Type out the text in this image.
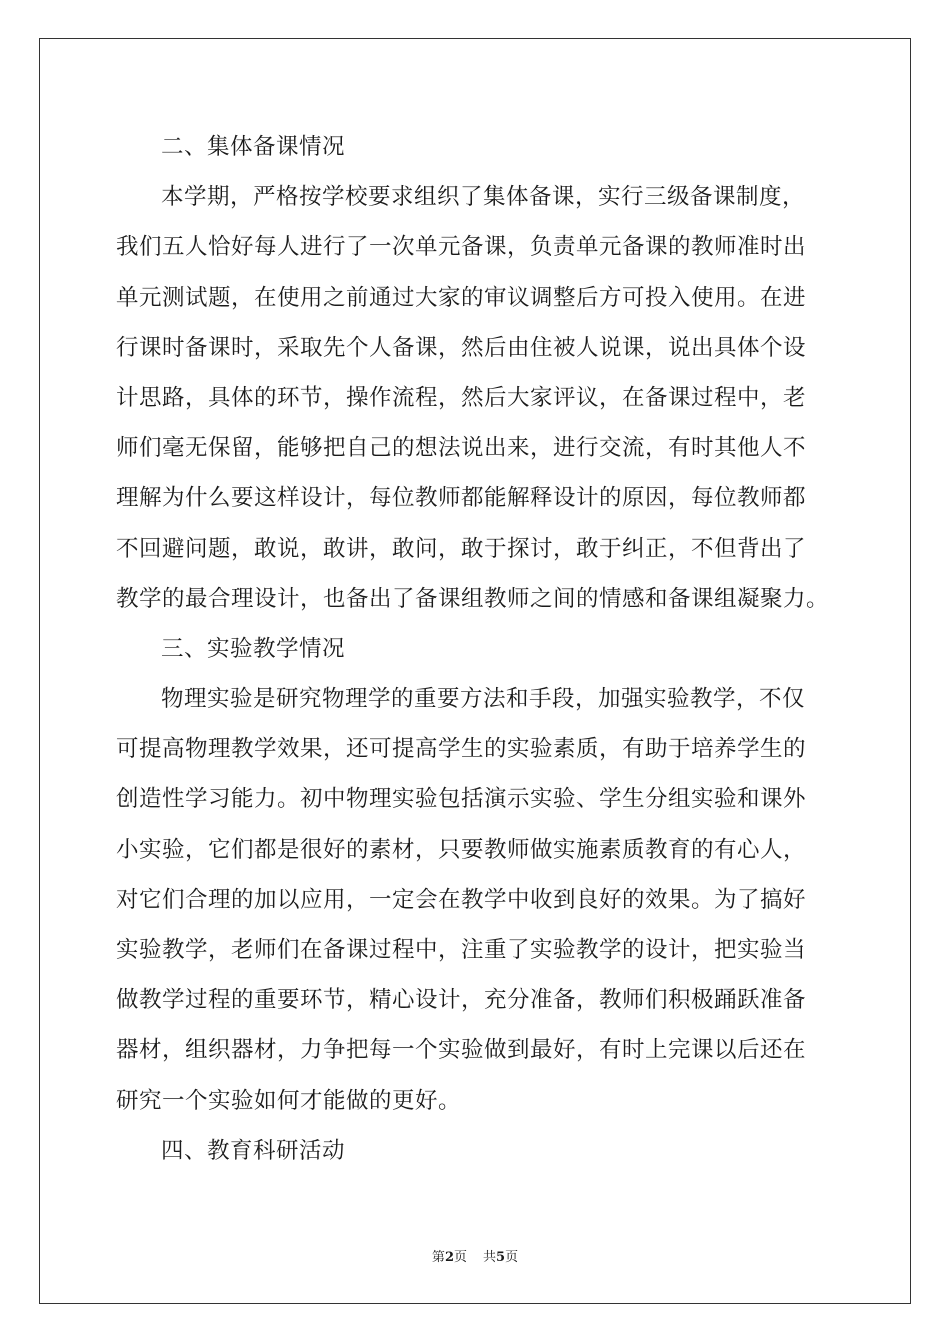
二、集体备课情况
本学期，严格按学校要求组织了集体备课，实行三级备课制度，
我们五人恰好每人进行了一次单元备课，负责单元备课的教师准时出
单元测试题，在使用之前通过大家的审议调整后方可投入使用。在进
行课时备课时，采取先个人备课，然后由住被人说课，说出具体个设
计思路，具体的环节，操作流程，然后大家评议，在备课过程中，老
师们毫无保留，能够把自己的想法说出来，进行交流，有时其他人不
理解为什么要这样设计，每位教师都能解释设计的原因，每位教师都
不回避问题，敢说，敢讲，敢问，敢于探讨，敢于纠正，不但背出了
教学的最合理设计，也备出了备课组教师之间的情感和备课组凝聚力。
三、实验教学情况
物理实验是研究物理学的重要方法和手段，加强实验教学，不仅
可提高物理教学效果，还可提高学生的实验素质，有助于培养学生的
创造性学习能力。初中物理实验包括演示实验、学生分组实验和课外
小实验，它们都是很好的素材，只要教师做实施素质教育的有心人，
对它们合理的加以应用，一定会在教学中收到良好的效果。为了搞好
实验教学，老师们在备课过程中，注重了实验教学的设计，把实验当
做教学过程的重要环节，精心设计，充分准备，教师们积极踊跃准备
器材，组织器材，力争把每一个实验做到最好，有时上完课以后还在
研究一个实验如何才能做的更好。
四、教育科研活动
第2页 共5页
